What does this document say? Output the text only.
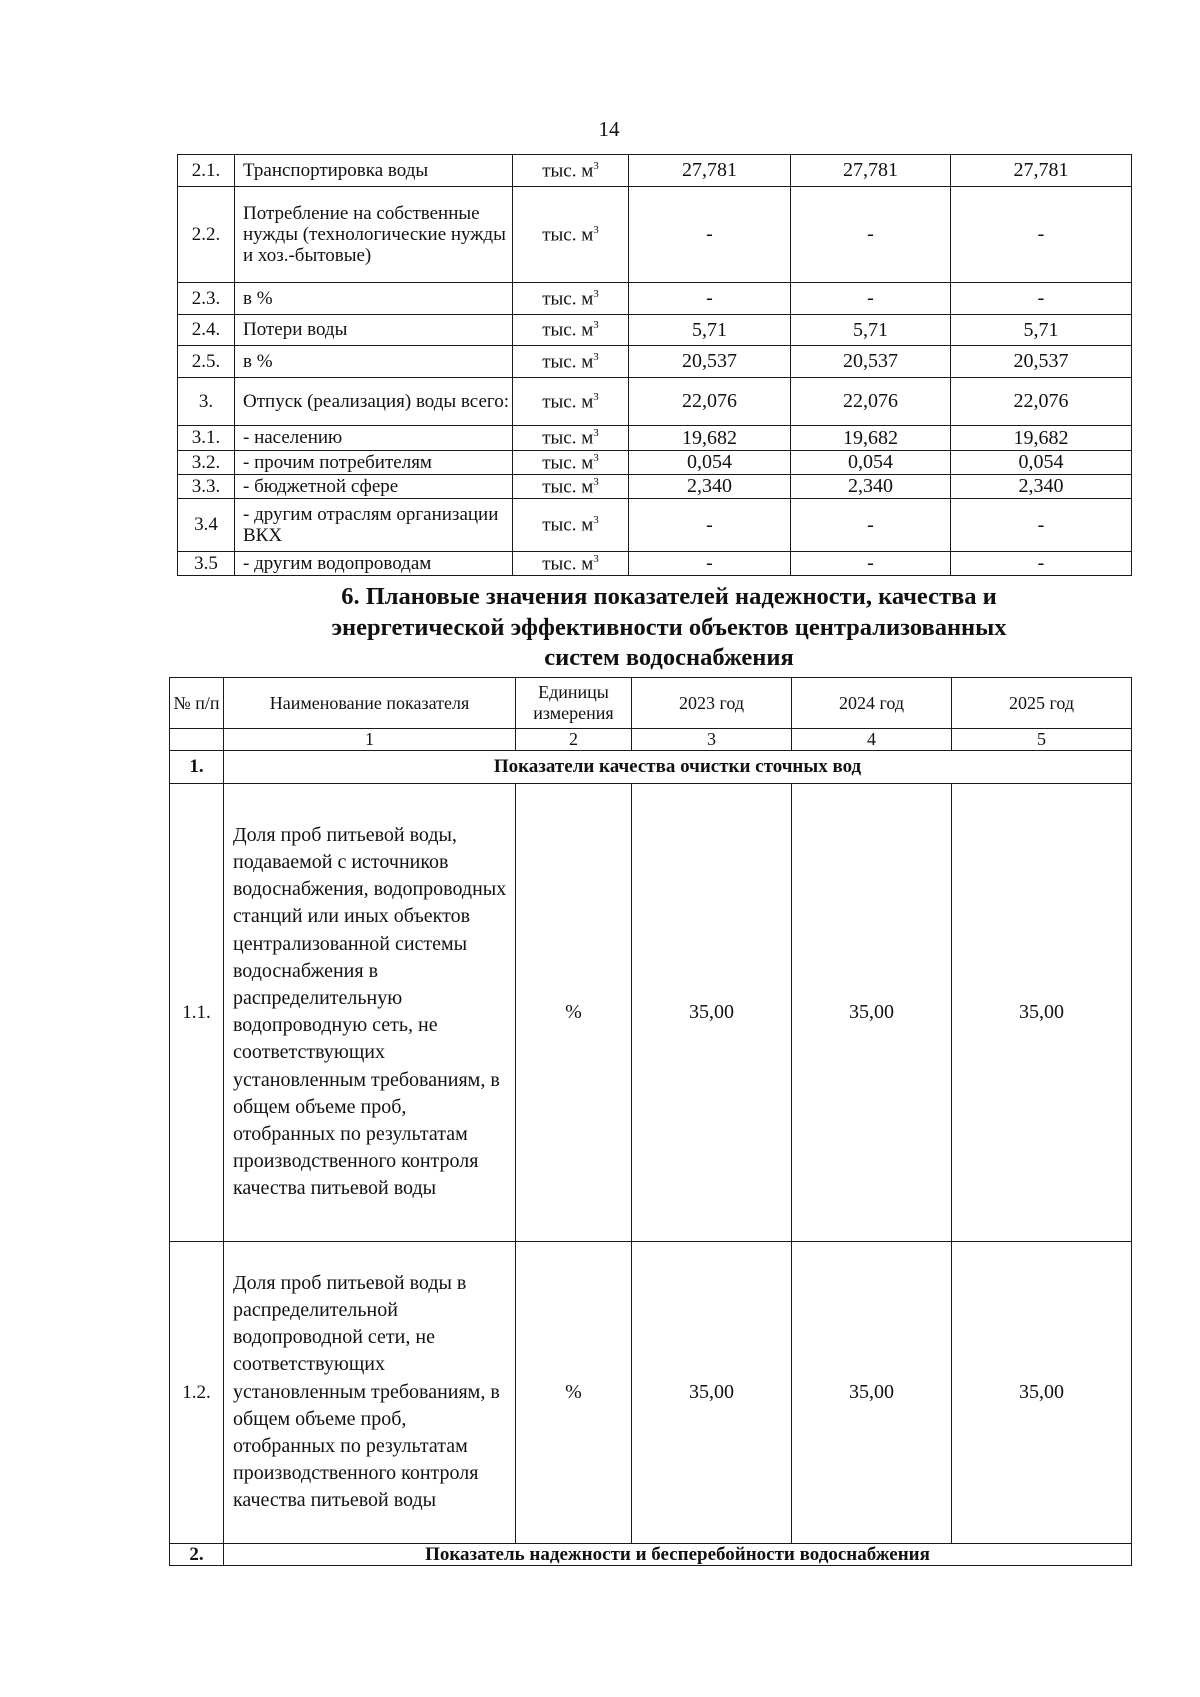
14
2.1.	Транспортировка воды	тыс. $м^3$	27,781	27,781	27,781
2.2.	Потребление на собственные нужды (технологические нужды и хоз.-бытовые)	тыс. $м^3$	-	-	-
2.3.	в %	тыс. $м^3$	-	-	-
2.4.	Потери воды	тыс. $м^3$	5,71	5,71	5,71
2.5.	в %	тыс. $м^3$	20,537	20,537	20,537
3.	Отпуск (реализация) воды всего:	тыс. $м^3$	22,076	22,076	22,076
3.1.	- населению	тыс. $м^3$	19,682	19,682	19,682
3.2.	- прочим потребителям	тыс. $м^3$	0,054	0,054	0,054
3.3.	- бюджетной сфере	тыс. $м^3$	2,340	2,340	2,340
3.4	- другим отраслям организации ВКХ	тыс. $м^3$	-	-	-
3.5	- другим водопроводам	тыс. $м^3$	-	-	-
6. Плановые значения показателей надежности, качества и
энергетической эффективности объектов централизованных
систем водоснабжения
№ п/п	Наименование показателя	Единицы измерения	2023 год	2024 год	2025 год
	1	2	3	4	5
1.	Показатели качества очистки сточных вод				
1.1.	Доля проб питьевой воды, подаваемой с источников водоснабжения, водопроводных станций или иных объектов централизованной системы водоснабжения в распределительную водопроводную сеть, не соответствующих установленным требованиям, в общем объеме проб, отобранных по результатам производственного контроля качества питьевой воды	%	35,00	35,00	35,00
1.2.	Доля проб питьевой воды в распределительной водопроводной сети, не соответствующих установленным требованиям, в общем объеме проб, отобранных по результатам производственного контроля качества питьевой воды	%	35,00	35,00	35,00
2.	Показатель надежности и бесперебойности водоснабжения				
